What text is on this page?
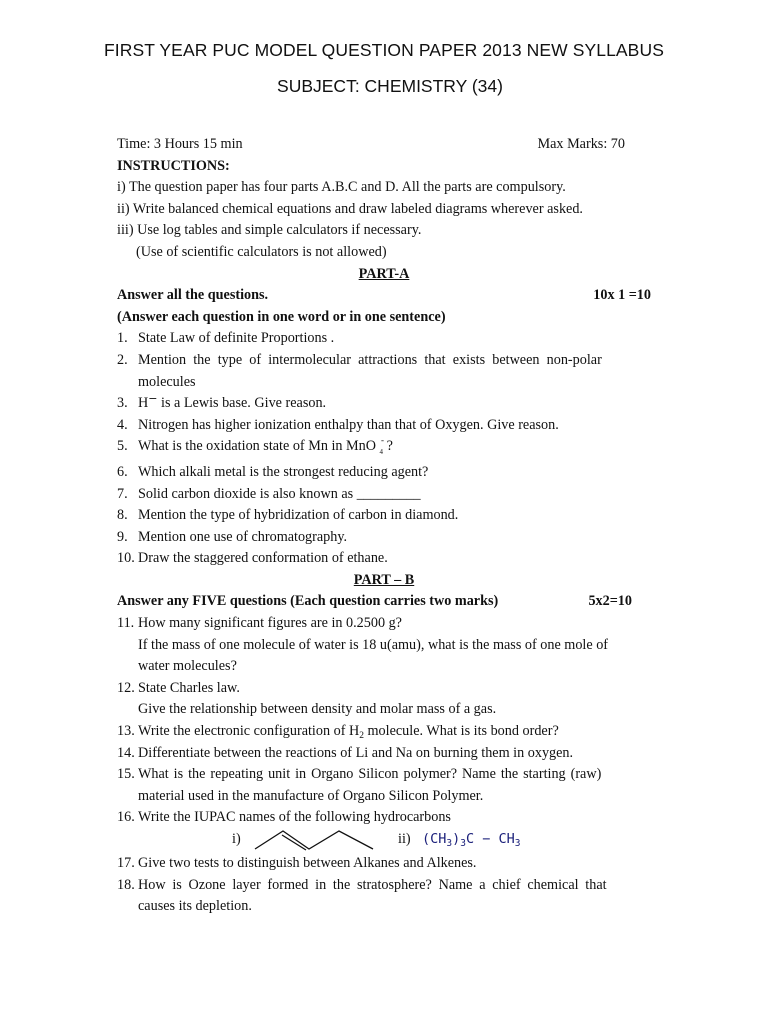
FIRST YEAR PUC MODEL QUESTION PAPER 2013 NEW SYLLABUS
SUBJECT: CHEMISTRY (34)
Time: 3 Hours 15 min	Max Marks: 70
INSTRUCTIONS:
i) The question paper has four parts A.B.C and D. All the parts are compulsory.
ii) Write balanced chemical equations and draw labeled diagrams wherever asked.
iii) Use log tables and simple calculators if necessary.
(Use of scientific calculators is not allowed)
PART-A
Answer all the questions.	10x 1 =10
(Answer each question in one word or in one sentence)
1. State Law of definite Proportions .
2. Mention the type of intermolecular attractions that exists between non-polar
molecules
3. H− is a Lewis base. Give reason.
4. Nitrogen has higher ionization enthalpy than that of Oxygen. Give reason.
5. What is the oxidation state of Mn in MnO -
4 ?
6. Which alkali metal is the strongest reducing agent?
7. Solid carbon dioxide is also known as _________
8. Mention the type of hybridization of carbon in diamond.
9. Mention one use of chromatography.
10. Draw the staggered conformation of ethane.
PART – B
Answer any FIVE questions (Each question carries two marks)	5x2=10
11. How many significant figures are in 0.2500 g?
If the mass of one molecule of water is 18 u(amu), what is the mass of one mole of
water molecules?
12. State Charles law.
Give the relationship between density and molar mass of a gas.
13. Write the electronic configuration of $H_2$ molecule. What is its bond order?
14. Differentiate between the reactions of Li and Na on burning them in oxygen.
15. What is the repeating unit in Organo Silicon polymer? Name the starting (raw)
material used in the manufacture of Organo Silicon Polymer.
16. Write the IUPAC names of the following hydrocarbons
i)	ii) $(CH_3)_3C - CH_3$
17. Give two tests to distinguish between Alkanes and Alkenes.
18. How is Ozone layer formed in the stratosphere? Name a chief chemical that
causes its depletion.
